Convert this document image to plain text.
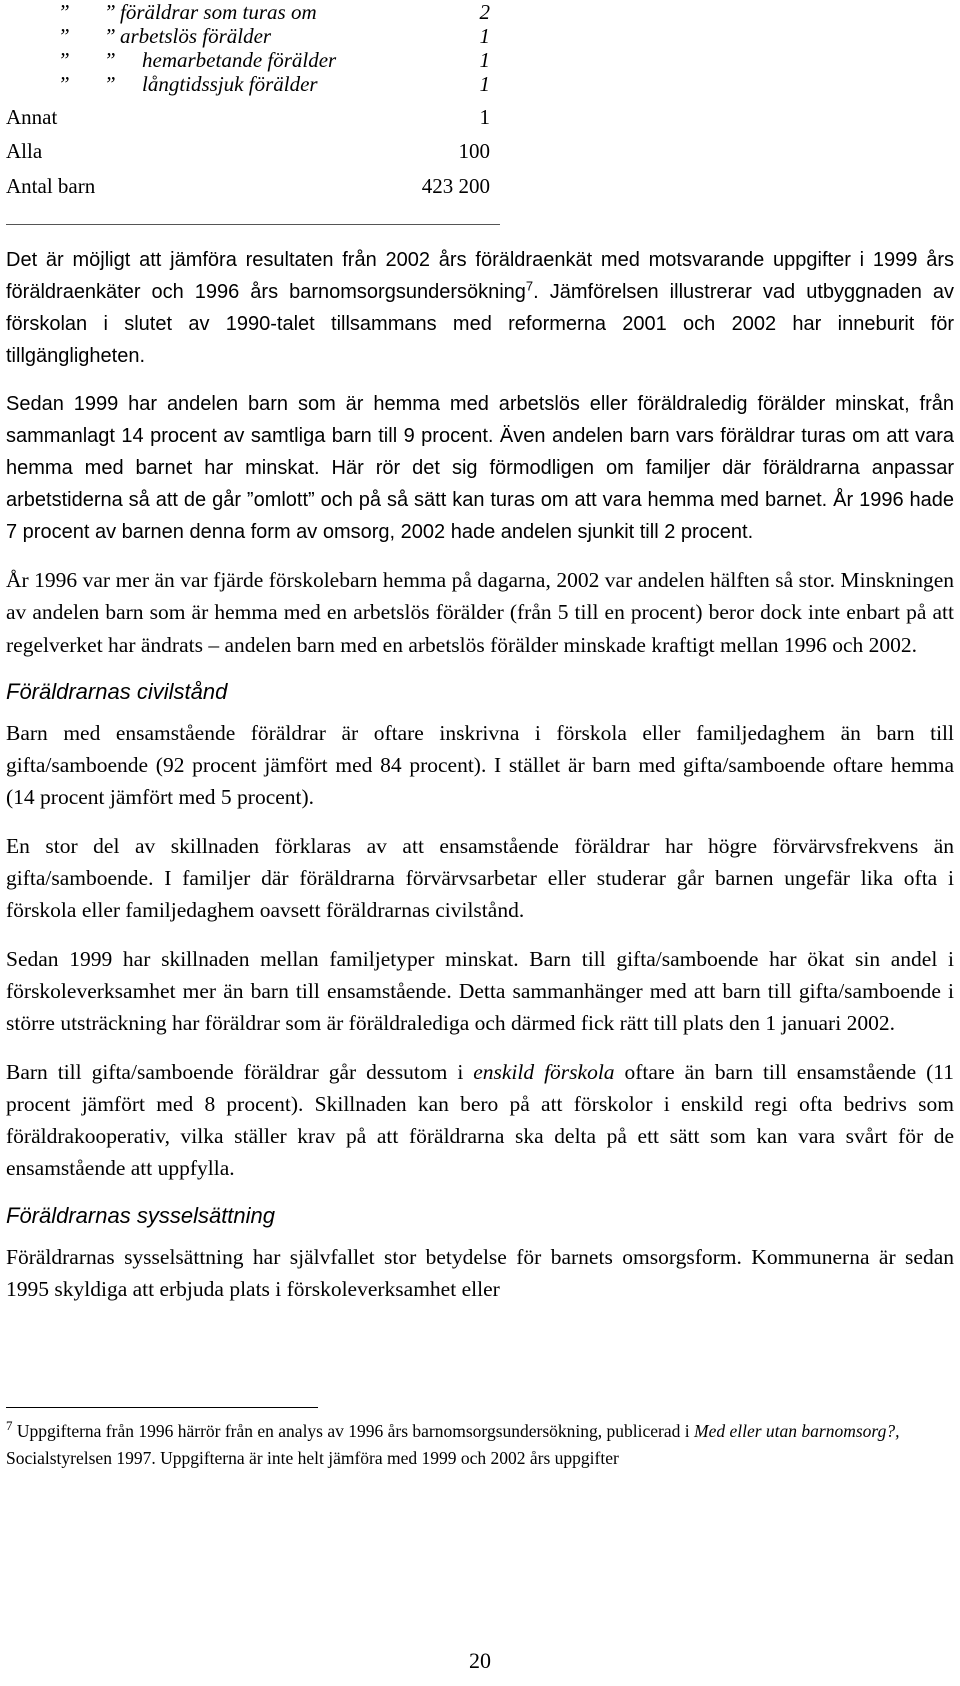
” ” föräldrar som turas om	2
” ” arbetslös förälder	1
” ” hemarbetande förälder	1
” ” långtidssjuk förälder	1
Annat	1
Alla	100
Antal barn	423 200

Det är möjligt att jämföra resultaten från 2002 års föräldraenkät med motsvarande uppgifter i 1999 års föräldraenkäter och 1996 års barnomsorgsundersökning$^7$. Jämförelsen illustrerar vad utbyggnaden av förskolan i slutet av 1990-talet tillsammans med reformerna 2001 och 2002 har inneburit för tillgängligheten.

Sedan 1999 har andelen barn som är hemma med arbetslös eller föräldraledig förälder minskat, från sammanlagt 14 procent av samtliga barn till 9 procent. Även andelen barn vars föräldrar turas om att vara hemma med barnet har minskat. Här rör det sig förmodligen om familjer där föräldrarna anpassar arbetstiderna så att de går ”omlott” och på så sätt kan turas om att vara hemma med barnet. År 1996 hade 7 procent av barnen denna form av omsorg, 2002 hade andelen sjunkit till 2 procent.

År 1996 var mer än var fjärde förskolebarn hemma på dagarna, 2002 var andelen hälften så stor. Minskningen av andelen barn som är hemma med en arbetslös förälder (från 5 till en procent) beror dock inte enbart på att regelverket har ändrats – andelen barn med en arbetslös förälder minskade kraftigt mellan 1996 och 2002.

Föräldrarnas civilstånd

Barn med ensamstående föräldrar är oftare inskrivna i förskola eller familjedaghem än barn till gifta/samboende (92 procent jämfört med 84 procent). I stället är barn med gifta/samboende oftare hemma (14 procent jämfört med 5 procent).

En stor del av skillnaden förklaras av att ensamstående föräldrar har högre förvärvsfrekvens än gifta/samboende. I familjer där föräldrarna förvärvsarbetar eller studerar går barnen ungefär lika ofta i förskola eller familjedaghem oavsett föräldrarnas civilstånd.

Sedan 1999 har skillnaden mellan familjetyper minskat. Barn till gifta/samboende har ökat sin andel i förskoleverksamhet mer än barn till ensamstående. Detta sammanhänger med att barn till gifta/samboende i större utsträckning har föräldrar som är föräldralediga och därmed fick rätt till plats den 1 januari 2002.

Barn till gifta/samboende föräldrar går dessutom i enskild förskola oftare än barn till ensamstående (11 procent jämfört med 8 procent). Skillnaden kan bero på att förskolor i enskild regi ofta bedrivs som föräldrakooperativ, vilka ställer krav på att föräldrarna ska delta på ett sätt som kan vara svårt för de ensamstående att uppfylla.

Föräldrarnas sysselsättning

Föräldrarnas sysselsättning har självfallet stor betydelse för barnets omsorgsform. Kommunerna är sedan 1995 skyldiga att erbjuda plats i förskoleverksamhet eller

$^7$ Uppgifterna från 1996 härrör från en analys av 1996 års barnomsorgsundersökning, publicerad i Med eller utan barnomsorg?, Socialstyrelsen 1997. Uppgifterna är inte helt jämföra med 1999 och 2002 års uppgifter
20
